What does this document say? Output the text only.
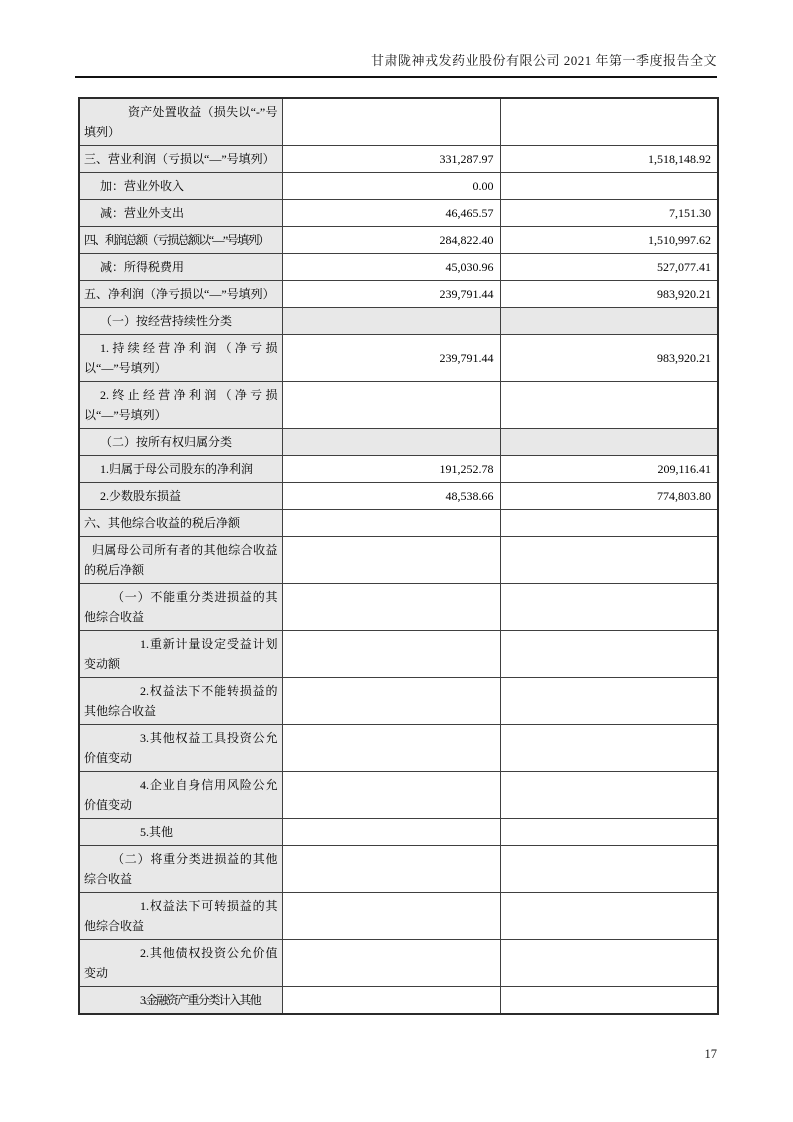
甘肃陇神戎发药业股份有限公司 2021 年第一季度报告全文
资产处置收益（损失以“-”号填列）		
三、营业利润（亏损以“—”号填列）	331,287.97	1,518,148.92
加：营业外收入	0.00	
减：营业外支出	46,465.57	7,151.30
四、利润总额（亏损总额以“—”号填列）	284,822.40	1,510,997.62
减：所得税费用	45,030.96	527,077.41
五、净利润（净亏损以“—”号填列）	239,791.44	983,920.21
（一）按经营持续性分类		
1.持续经营净利润（净亏损以“—”号填列）	239,791.44	983,920.21
2.终止经营净利润（净亏损以“—”号填列）		
（二）按所有权归属分类		
1.归属于母公司股东的净利润	191,252.78	209,116.41
2.少数股东损益	48,538.66	774,803.80
六、其他综合收益的税后净额		
归属母公司所有者的其他综合收益的税后净额		
（一）不能重分类进损益的其他综合收益		
1.重新计量设定受益计划变动额		
2.权益法下不能转损益的其他综合收益		
3.其他权益工具投资公允价值变动		
4.企业自身信用风险公允价值变动		
5.其他		
（二）将重分类进损益的其他综合收益		
1.权益法下可转损益的其他综合收益		
2.其他债权投资公允价值变动		
3.金融资产重分类计入其他		
17
